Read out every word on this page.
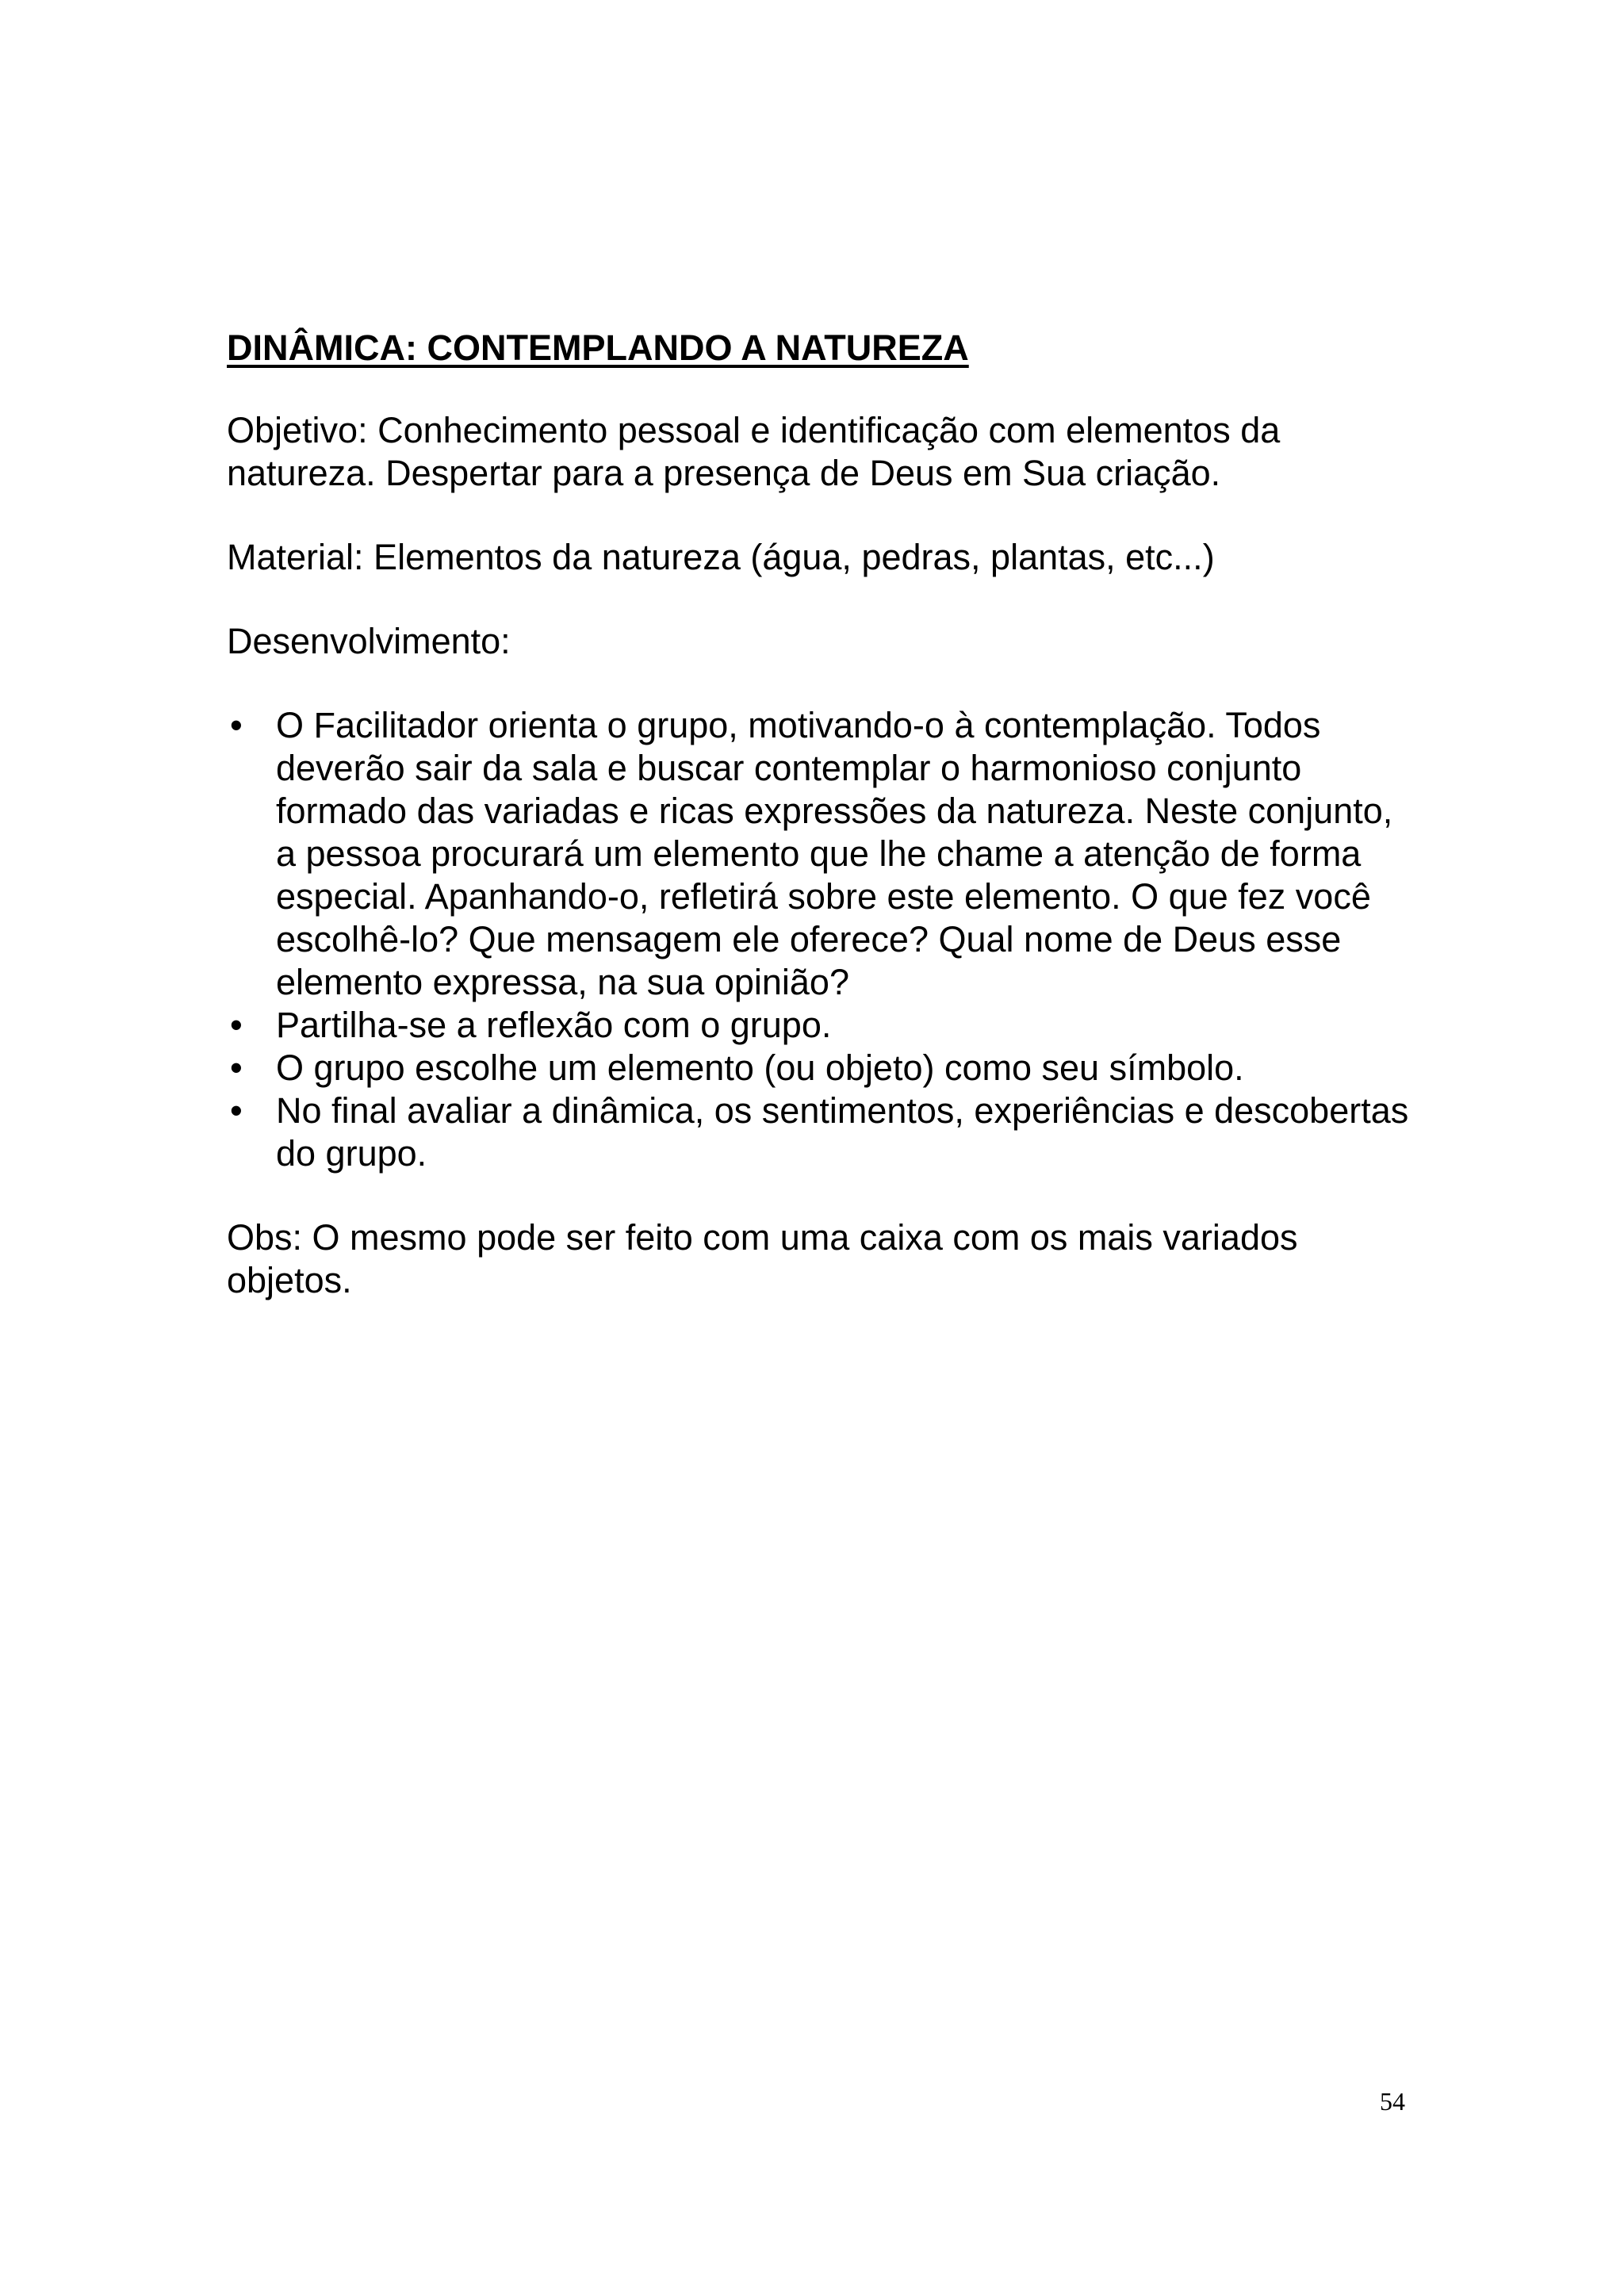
DINÂMICA: CONTEMPLANDO A NATUREZA
Objetivo: Conhecimento pessoal e identificação com elementos da natureza. Despertar para a presença de Deus em Sua criação.
Material: Elementos da natureza (água, pedras, plantas, etc...)
Desenvolvimento:
• O Facilitador orienta o grupo, motivando-o à contemplação. Todos deverão sair da sala e buscar contemplar o harmonioso conjunto formado das variadas e ricas expressões da natureza. Neste conjunto, a pessoa procurará um elemento que lhe chame a atenção de forma especial. Apanhando-o, refletirá sobre este elemento. O que fez você escolhê-lo? Que mensagem ele oferece? Qual nome de Deus esse elemento expressa, na sua opinião?
• Partilha-se a reflexão com o grupo.
• O grupo escolhe um elemento (ou objeto) como seu símbolo.
• No final avaliar a dinâmica, os sentimentos, experiências e descobertas do grupo.
Obs: O mesmo pode ser feito com uma caixa com os mais variados objetos.
54
